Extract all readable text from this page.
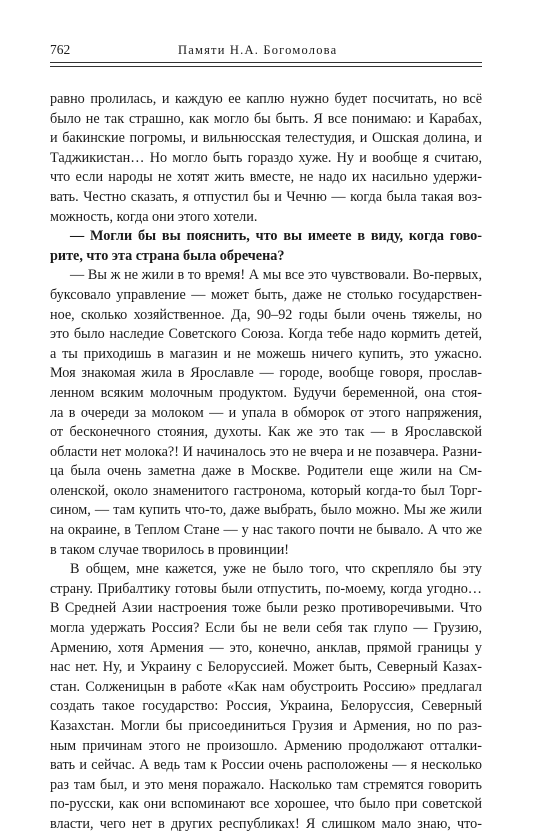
762	Памяти Н.А. Богомолова
равно пролилась, и каждую ее каплю нужно будет посчитать, но всё
было не так страшно, как могло бы быть. Я все понимаю: и Карабах,
и бакинские погромы, и вильнюсская телестудия, и Ошская долина, и
Таджикистан… Но могло быть гораздо хуже. Ну и вообще я считаю,
что если народы не хотят жить вместе, не надо их насильно удержи-
вать. Честно сказать, я отпустил бы и Чечню — когда была такая воз-
можность, когда они этого хотели.
— Могли бы вы пояснить, что вы имеете в виду, когда гово-
рите, что эта страна была обречена?
— Вы ж не жили в то время! А мы все это чувствовали. Во-первых,
буксовало управление — может быть, даже не столько государствен-
ное, сколько хозяйственное. Да, 90–92 годы были очень тяжелы, но
это было наследие Советского Союза. Когда тебе надо кормить детей,
а ты приходишь в магазин и не можешь ничего купить, это ужасно.
Моя знакомая жила в Ярославле — городе, вообще говоря, прослав-
ленном всяким молочным продуктом. Будучи беременной, она стоя-
ла в очереди за молоком — и упала в обморок от этого напряжения,
от бесконечного стояния, духоты. Как же это так — в Ярославской
области нет молока?! И начиналось это не вчера и не позавчера. Разни-
ца была очень заметна даже в Москве. Родители еще жили на См-
оленской, около знаменитого гастронома, который когда-то был Торг-
сином, — там купить что-то, даже выбрать, было можно. Мы же жили
на окраине, в Теплом Стане — у нас такого почти не бывало. А что же
в таком случае творилось в провинции!
В общем, мне кажется, уже не было того, что скрепляло бы эту
страну. Прибалтику готовы были отпустить, по-моему, когда угодно…
В Средней Азии настроения тоже были резко противоречивыми. Что
могла удержать Россия? Если бы не вели себя так глупо — Грузию,
Армению, хотя Армения — это, конечно, анклав, прямой границы у
нас нет. Ну, и Украину с Белоруссией. Может быть, Северный Казах-
стан. Солженицын в работе «Как нам обустроить Россию» предлагал
создать такое государство: Россия, Украина, Белоруссия, Северный
Казахстан. Могли бы присоединиться Грузия и Армения, но по раз-
ным причинам этого не произошло. Армению продолжают отталки-
вать и сейчас. А ведь там к России очень расположены — я несколько
раз там был, и это меня поражало. Насколько там стремятся говорить
по-русски, как они вспоминают все хорошее, что было при советской
власти, чего нет в других республиках! Я слишком мало знаю, что-
